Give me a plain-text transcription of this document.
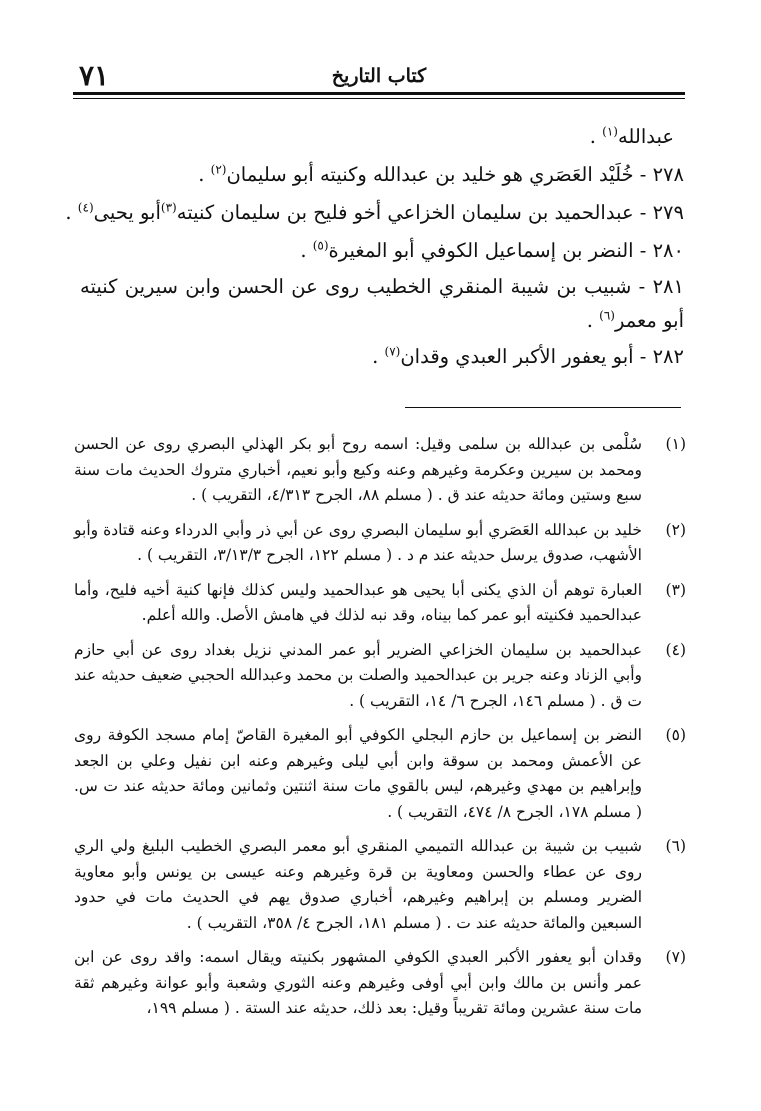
كتاب التاريخ
٧١
عبدالله$^{(١)}$ .
٢٧٨ - خُلَيْد العَصَري هو خليد بن عبدالله وكنيته أبو سليمان$^{(٢)}$ .
٢٧٩ - عبدالحميد بن سليمان الخزاعي أخو فليح بن سليمان كنيته$^{(٣)}$أبو يحيى$^{(٤)}$ .
٢٨٠ - النضر بن إسماعيل الكوفي أبو المغيرة$^{(٥)}$ .
٢٨١ - شبيب بن شيبة المنقري الخطيب روى عن الحسن وابن سيرين كنيته أبو معمر$^{(٦)}$ .
٢٨٢ - أبو يعفور الأكبر العبدي وقدان$^{(٧)}$ .
(١)
سُلْمى بن عبدالله بن سلمى وقيل: اسمه روح أبو بكر الهذلي البصري روى عن الحسن ومحمد بن سيرين وعكرمة وغيرهم وعنه وكيع وأبو نعيم، أخباري متروك الحديث مات سنة سبع وستين ومائة حديثه عند ق . ( مسلم ٨٨، الجرح ٤/٣١٣، التقريب ) .
(٢)
خليد بن عبدالله العَصَري أبو سليمان البصري روى عن أبي ذر وأبي الدرداء وعنه قتادة وأبو الأشهب، صدوق يرسل حديثه عند م د . ( مسلم ١٢٢، الجرح ٣/١٣/٣، التقريب ) .
(٣)
العبارة توهم أن الذي يكنى أبا يحيى هو عبدالحميد وليس كذلك فإنها كنية أخيه فليح، وأما عبدالحميد فكنيته أبو عمر كما بيناه، وقد نبه لذلك في هامش الأصل. والله أعلم.
(٤)
عبدالحميد بن سليمان الخزاعي الضرير أبو عمر المدني نزيل بغداد روى عن أبي حازم وأبي الزناد وعنه جرير بن عبدالحميد والصلت بن محمد وعبدالله الحجبي ضعيف حديثه عند ت ق . ( مسلم ١٤٦، الجرح ٦/ ١٤، التقريب ) .
(٥)
النضر بن إسماعيل بن حازم البجلي الكوفي أبو المغيرة القاصّ إمام مسجد الكوفة روى عن الأعمش ومحمد بن سوقة وابن أبي ليلى وغيرهم وعنه ابن نفيل وعلي بن الجعد وإبراهيم بن مهدي وغيرهم، ليس بالقوي مات سنة اثنتين وثمانين ومائة حديثه عند ت س. ( مسلم ١٧٨، الجرح ٨/ ٤٧٤، التقريب ) .
(٦)
شبيب بن شيبة بن عبدالله التميمي المنقري أبو معمر البصري الخطيب البليغ ولي الري روى عن عطاء والحسن ومعاوية بن قرة وغيرهم وعنه عيسى بن يونس وأبو معاوية الضرير ومسلم بن إبراهيم وغيرهم، أخباري صدوق يهم في الحديث مات في حدود السبعين والمائة حديثه عند ت . ( مسلم ١٨١، الجرح ٤/ ٣٥٨، التقريب ) .
(٧)
وقدان أبو يعفور الأكبر العبدي الكوفي المشهور بكنيته ويقال اسمه: واقد روى عن ابن عمر وأنس بن مالك وابن أبي أوفى وغيرهم وعنه الثوري وشعبة وأبو عوانة وغيرهم ثقة مات سنة عشرين ومائة تقريباً وقيل: بعد ذلك، حديثه عند الستة . ( مسلم ١٩٩،
